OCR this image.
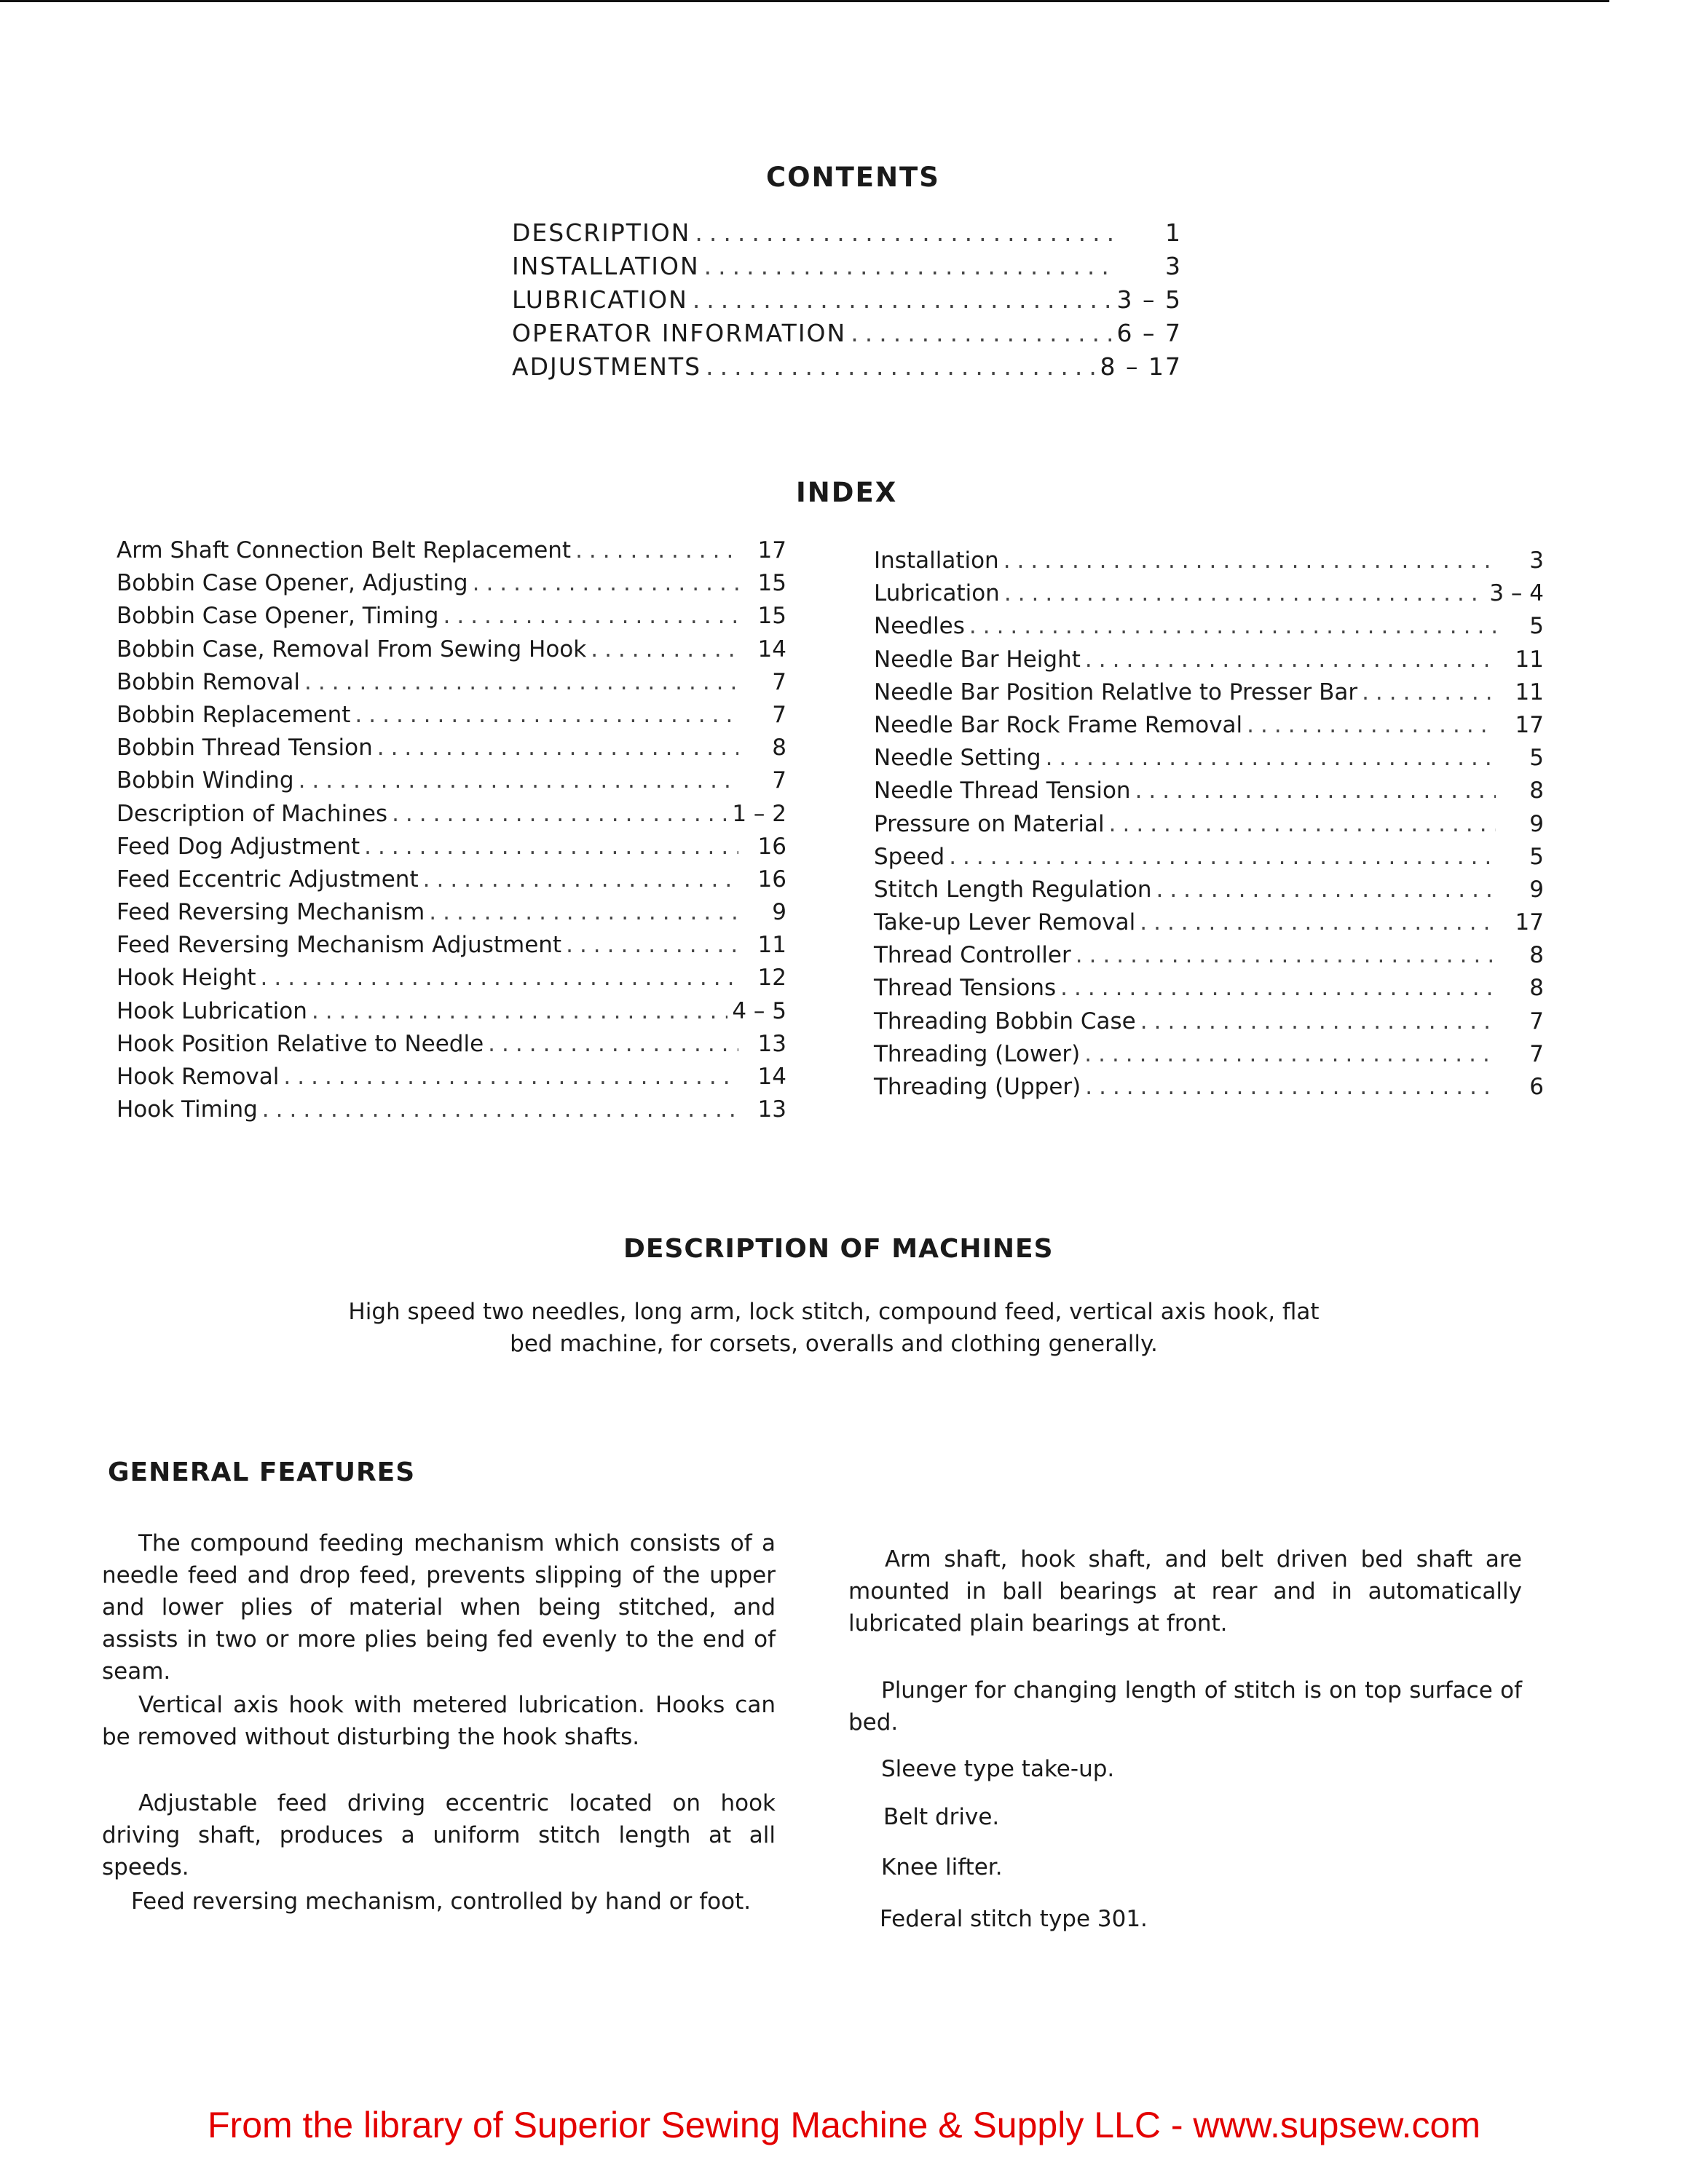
CONTENTS
DESCRIPTION .....	1
INSTALLATION .....	3
LUBRICATION .....	3 – 5
OPERATOR INFORMATION .....	6 – 7
ADJUSTMENTS .....	8 – 17
INDEX
Arm Shaft Connection Belt Replacement .....	17
Bobbin Case Opener, Adjusting .....	15
Bobbin Case Opener, Timing .....	15
Bobbin Case, Removal From Sewing Hook .....	14
Bobbin Removal .....	7
Bobbin Replacement .....	7
Bobbin Thread Tension .....	8
Bobbin Winding .....	7
Description of Machines .....	1 – 2
Feed Dog Adjustment .....	16
Feed Eccentric Adjustment .....	16
Feed Reversing Mechanism .....	9
Feed Reversing Mechanism Adjustment .....	11
Hook Height .....	12
Hook Lubrication .....	4 – 5
Hook Position Relative to Needle .....	13
Hook Removal .....	14
Hook Timing .....	13
Installation .....	3
Lubrication .....	3 – 4
Needles .....	5
Needle Bar Height .....	11
Needle Bar Position Relatlve to Presser Bar .....	11
Needle Bar Rock Frame Removal .....	17
Needle Setting .....	5
Needle Thread Tension .....	8
Pressure on Material .....	9
Speed .....	5
Stitch Length Regulation .....	9
Take-up Lever Removal .....	17
Thread Controller .....	8
Thread Tensions .....	8
Threading Bobbin Case .....	7
Threading (Lower) .....	7
Threading (Upper) .....	6
DESCRIPTION OF MACHINES
High speed two needles, long arm, lock stitch, compound feed, vertical axis hook, flat bed machine, for corsets, overalls and clothing generally.
GENERAL FEATURES
The compound feeding mechanism which consists of a needle feed and drop feed, prevents slipping of the upper and lower plies of material when being stitched, and assists in two or more plies being fed evenly to the end of seam.
Vertical axis hook with metered lubrication. Hooks can be removed without disturbing the hook shafts.
Adjustable feed driving eccentric located on hook driving shaft, produces a uniform stitch length at all speeds.
Feed reversing mechanism, controlled by hand or foot.
Arm shaft, hook shaft, and belt driven bed shaft are mounted in ball bearings at rear and in automatically lubricated plain bearings at front.
Plunger for changing length of stitch is on top surface of bed.
Sleeve type take-up.
Belt drive.
Knee lifter.
Federal stitch type 301.
From the library of Superior Sewing Machine & Supply LLC - www.supsew.com
